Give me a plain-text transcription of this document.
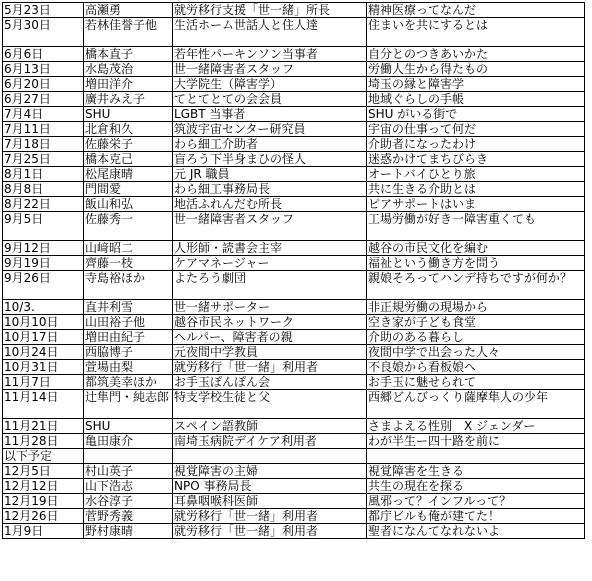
5月23日	高瀬勇	就労移行支援「世一緒」所長	精神医療ってなんだ
5月30日	若林佳誉子他	生活ホーム世話人と住人達	住まいを共にするとは
6月6日	橋本直子	若年性パーキンソン当事者	自分とのつきあいかた
6月13日	水島茂治	世一緒障害者スタッフ	労働人生から得たもの
6月20日	増田洋介	大学院生（障害学）	埼玉の縁と障害学
6月27日	廣井みえ子	てとてとての会会員	地域ぐらしの手帳
7月4日	SHU	LGBT 当事者	SHU がいる街で
7月11日	北倉和久	筑波宇宙センター研究員	宇宙の仕事って何だ
7月18日	佐藤栄子	わら細工介助者	介助者になったわけ
7月25日	橋本克己	盲ろう下半身まひの怪人	迷惑かけてまちびらき
8月1日	松尾康晴	元 JR 職員	オートバイひとり旅
8月8日	門間愛	わら細工事務局長	共に生きる介助とは
8月22日	飯山和弘	地活ふれんだむ所長	ピアサポートはいま
9月5日	佐藤秀一	世一緒障害者スタッフ	工場労働が好き一障害重くても
9月12日	山﨑昭二	人形師・読書会主宰	越谷の市民文化を編む
9月19日	齊藤一枝	ケアマネージャー	福祉という働き方を問う
9月26日	寺島裕ほか	よたろう劇団	親娘そろってハンデ持ちですが何か？
10/3.	直井利雪	世一緒サポーター	非正規労働の現場から
10月10日	山田裕子他	越谷市民ネットワーク	空き家が子ども食堂
10月17日	増田由紀子	ヘルパー、障害者の親	介助のある暮らし
10月24日	西脇博子	元夜間中学教員	夜間中学で出会った人々
10月31日	萱場由梨	就労移行「世一緒」利用者	不良娘から看板娘へ
11月7日	都筑美幸ほか	お手玉ぽんぽん会	お手玉に魅せられて
11月14日	辻隼門・純志郎	特支学校生徒と父	西郷どんびっくり薩摩隼人の少年
11月21日	SHU	スペイン語教師	さまよえる性別　X ジェンダー
11月28日	亀田康介	南埼玉病院デイケア利用者	わが半生ー四十路を前に
以下予定			
12月5日	村山英子	視覚障害の主婦	視覚障害を生きる
12月12日	山下浩志	NPO 事務局長	共生の現在を探る
12月19日	水谷淳子	耳鼻咽喉科医師	風邪って？インフルって？
12月26日	菅野秀義	就労移行「世一緒」利用者	都庁ビルも俺が建てた！
1月9日	野村康晴	就労移行「世一緒」利用者	聖者になんてなれないよ
